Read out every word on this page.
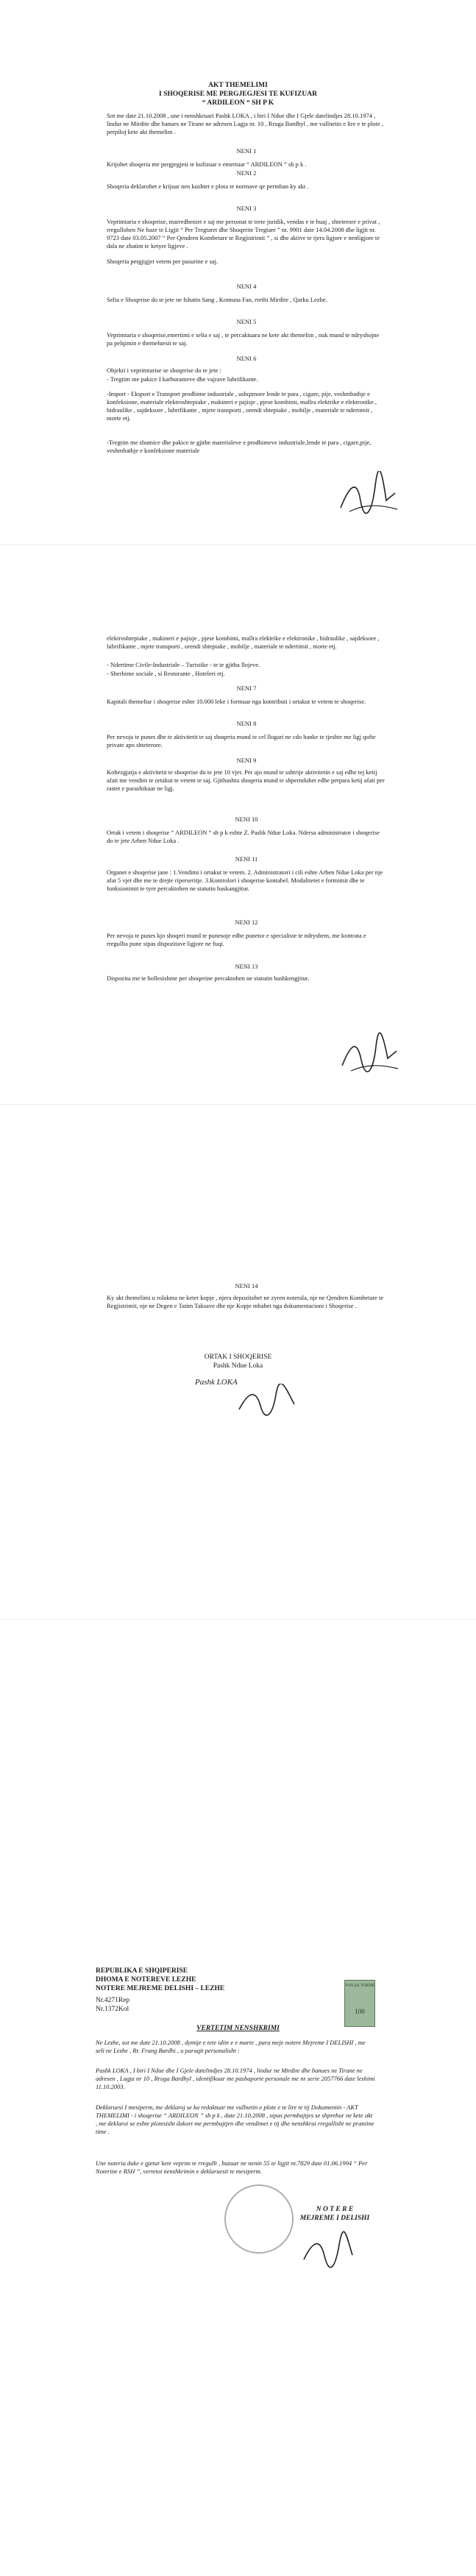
AKT THEMELIMI
I SHOQERISE ME PERGJEGJESI TE KUFIZUAR
“ ARDILEON “ SH P K
Sot me date 21.10.2008 , une i nenshkruari Pashk LOKA , i biri I Ndue dhe I Gjele datelindjes 28.10.1974 , lindur ne Mirdite dhe banues ne Tirane ne adresen Lagja nr. 10 , Rruga Bardhyl , me vullnetin e lire e te plote , perpiloj kete akt themelim .
NENI 1
Krijohet shoqeria me pergjegjesi te kufizuar e emertuar “ ARDILEON ” sh p k .
NENI 2
Shoqeria deklarohet e krijuar nen kushtet e plota te normave qe permban ky akt .
NENI 3
Veprimtaria e shoqerise, marredheniet e saj me personat te trete juridik, vendas e te huaj , shteterore e privat , rregullohen Ne baze te Ligjit “ Per Tregtaret dhe Shoqerite Tregtare ” nr. 9901 date 14.04.2008 dhe ligjit nr. 9723 date 03.05.2007 “ Per Qendren Kombetare te Regjistrimit ” , si dhe aktive te tjera ligjore e nenligjore te dala ne zbatim te ketyre ligjeve .
Shoqeria pergjigjet vetem per pasurine e saj.
NENI 4
Selia e Shoqerise do te jete ne fshatin Sang , Komuna Fan, rrethi Mirdite , Qarku Lezhe.
NENI 5
Veprimtaria e shoqerise,emertimi e selia e saj , te percaktuara ne kete akt themelim , nuk mund te ndryshojne pa pelqimin e themeluesit te saj.
NENI 6
Objekti i veprimtarise se shoqerise do te jete :
- Tregtim me pakice I karburanteve dhe vajrave lubrifikante.
-Import - Eksport e Transport prodhime industriale , ushqimore lende te para , cigare, pije, veshmbathje e konfeksione, materiale elektroshtepiake , makineri e pajisje , pjese kombimi, mallra elektrike e elektronike , hidraulike , sajdeksore , lubrifikante , mjete transporti , orendi shtepiake , mobilje , materiale te ndertimit , morte etj.
-Tregtim me shumice dhe pakice te gjithe materialeve e prodhimeve industriale,lende te para , cigare,pije, veshmbathje e konfeksione materiale
elektroshtepiake , makineri e pajisje , pjese kombimi, mallra elektrike e elektronike , hidraulike , sajdeksore , lubrifikante , mjete transporti , orendi shtepiake , mobilje , materiale te ndertimit , morte etj.
- Ndertime Civile-Industriale – Turistike - te te gjitha llojeve.
- Sherbime sociale , si Restorante , Hoteleri etj.
NENI 7
Kapitali themeltar i shoqerise eshte 10.000 leke i formuar nga kontributi i ortakut te vetem te shoqerise.
NENI 8
Per nevoja te punes dhe te aktivitetit te saj shoqeria mund te cel llogari ne cdo banke te tjeshte me ligj qofte private apo shteterore.
NENI 9
Kohezgjatja e aktivitetit te shoqerise do te jete 10 vjet. Per ajo mund te sshtrije aktivitetin e saj edhe tej ketij afati me vendim te ortakut te vetem te saj. Gjithashtu shoqeria mund te shpernduhet edhe perpara ketij afati per rastet e parashikuar ne ligj.
NENI 10
Ortak i vetem i shoqerise “ ARDILEON “ sh p k eshte Z. Pashk Ndue Loka. Ndersa administrator i shoqerise do te jete Arben Ndue Loka .
NENI 11
Organet e shoqerise jane : 1.Vendimi i ortakut te vetem. 2. Administratori i cili eshte Arben Ndue Loka per nje afat 5 vjet dhe me te drejte riperseritje. 3.Kontrolori i shoqerise kontabel. Modalitetet e formimit dhe te funksionimit te tyre percaktohen ne statutin baskangjitur.
NENI 12
Per nevoja te punes kjo shoqeri mund te punesoje edhe punetor e specialiste te ndryshem, me kontrata e rregullta pune sipas dispozitave ligjore ne fuqi.
NENI 13
Dispozita me te hollesishme per shoqerine percaktohen ne statutin bashkengjitur.
NENI 14
Ky akt themelimi u rolakma ne keter kopje , njera depozitohet ne zyren noterala, nje ne Qendren Kombetare te Regjistrimit, nje ne Degen e Tatim Taksave dhe nje Kopje mbahet nga dokumentacioni i Shoqerise .
ORTAK I SHOQERISE
Pashk Ndue Loka
Pashk LOKA
REPUBLIKA E SHQIPERISE
DHOMA E NOTEREVE LEZHE
NOTERE MEJREME DELISHI – LEZHE
Nr.4271Rep
Nr.1372Kol
VULLE TAKSE
100
VERTETIM NENSHKRIMI
Ne Lezhe, sot me date 21.10.2008 , dymije e tete idite e e marte , para meje notere Mejreme I DELISHI , me seli ne Lezhe , Rr. Frang Bardhi , u paraqit personalisht :
Pashk LOKA , I biri I Ndue dhe I Gjele datelindjes 28.10.1974 , lindur ne Mirdite dhe banues ne Tirane ne adresen , Lagja nr 10 , Rruga Bardhyl , identifikuar me pashaporte personale me nr serie 2057766 date leshimi 11.10.2003.
Deklaruesi I mesiperm, me deklaroj se ka redaktuar me vullnetin e plote e te lire te tij Dokumentin - AKT THEMELIMI - i shoqerise “ ARDILEON ” sh p k , date 21.10.2008 , sipas permbajtjes se shprehur ne kete akt , me deklaroi se eshte plotesisht dakort me permbajtjen dhe vendimet e tij dhe nenshkrui rregullisht ne praniine time .
Une noteria duke e gjetur kete veprim te rregullt , bazuar ne nenin 55 te ligjit nr.7829 date 01.06.1994 “ Per Noterine e RSH ”, vertetoi nenshkrimin e deklaruesit te mesiperm.
N O T E R E
MEJREME I DELISHI
